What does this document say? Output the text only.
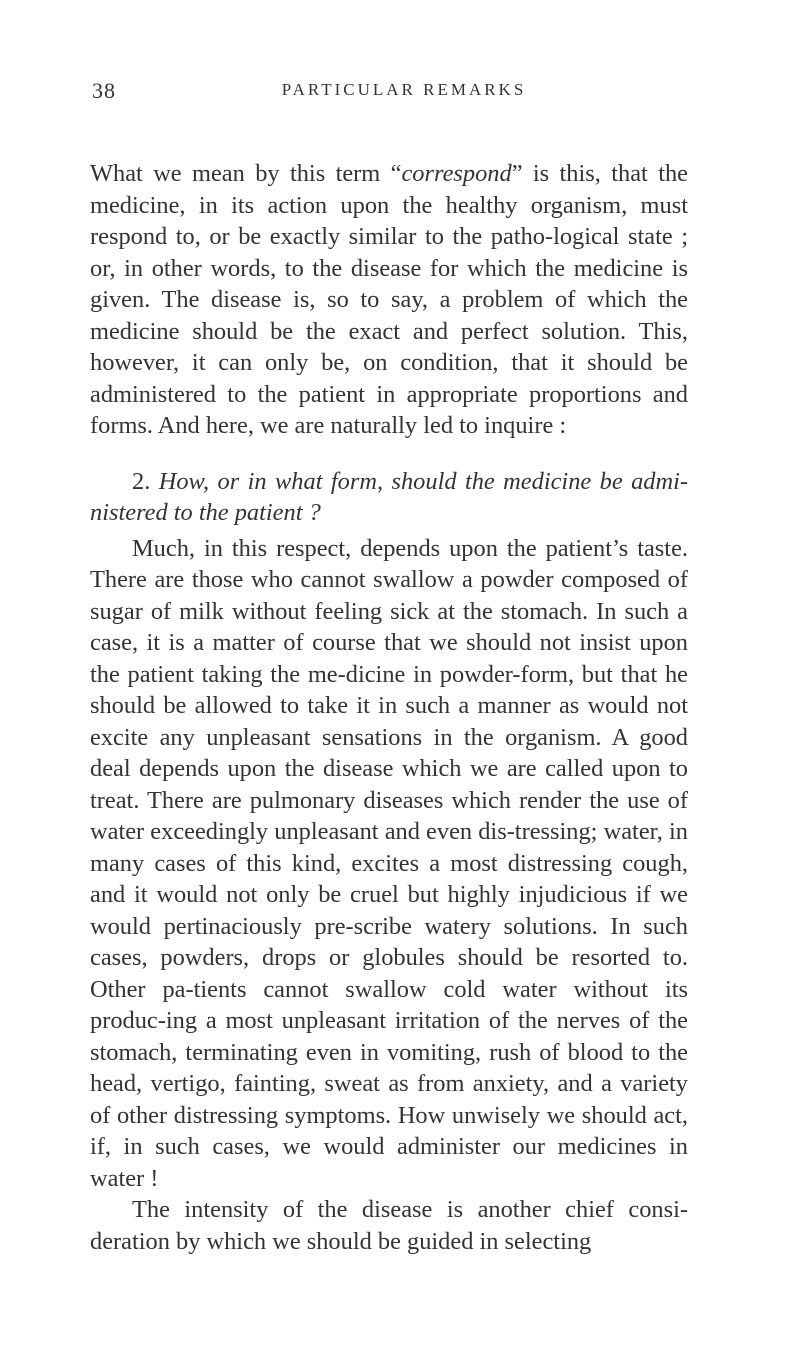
38	PARTICULAR REMARKS

What we mean by this term “correspond” is this, that the medicine, in its action upon the healthy organism, must respond to, or be exactly similar to the patho-logical state ; or, in other words, to the disease for which the medicine is given. The disease is, so to say, a problem of which the medicine should be the exact and perfect solution. This, however, it can only be, on condition, that it should be administered to the patient in appropriate proportions and forms. And here, we are naturally led to inquire :

2. How, or in what form, should the medicine be admi-nistered to the patient ?

Much, in this respect, depends upon the patient’s taste. There are those who cannot swallow a powder composed of sugar of milk without feeling sick at the stomach. In such a case, it is a matter of course that we should not insist upon the patient taking the me-dicine in powder-form, but that he should be allowed to take it in such a manner as would not excite any unpleasant sensations in the organism. A good deal depends upon the disease which we are called upon to treat. There are pulmonary diseases which render the use of water exceedingly unpleasant and even dis-tressing; water, in many cases of this kind, excites a most distressing cough, and it would not only be cruel but highly injudicious if we would pertinaciously pre-scribe watery solutions. In such cases, powders, drops or globules should be resorted to. Other pa-tients cannot swallow cold water without its produc-ing a most unpleasant irritation of the nerves of the stomach, terminating even in vomiting, rush of blood to the head, vertigo, fainting, sweat as from anxiety, and a variety of other distressing symptoms. How unwisely we should act, if, in such cases, we would administer our medicines in water !

The intensity of the disease is another chief consi-deration by which we should be guided in selecting
